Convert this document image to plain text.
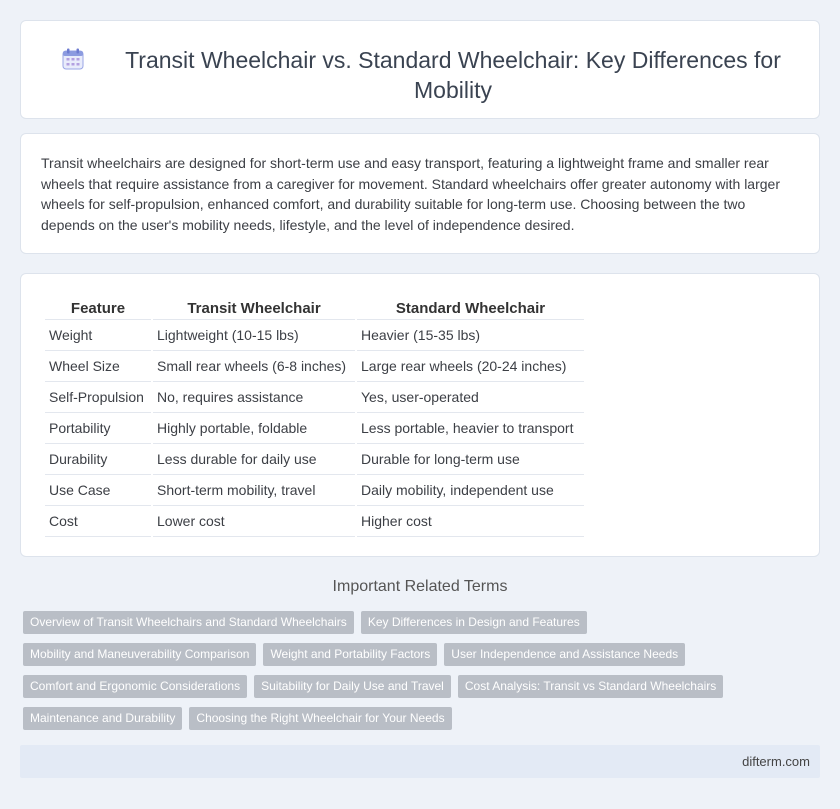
Transit Wheelchair vs. Standard Wheelchair: Key Differences for Mobility

Transit wheelchairs are designed for short-term use and easy transport, featuring a lightweight frame and smaller rear wheels that require assistance from a caregiver for movement. Standard wheelchairs offer greater autonomy with larger wheels for self-propulsion, enhanced comfort, and durability suitable for long-term use. Choosing between the two depends on the user's mobility needs, lifestyle, and the level of independence desired.

Feature	Transit Wheelchair	Standard Wheelchair
Weight	Lightweight (10-15 lbs)	Heavier (15-35 lbs)
Wheel Size	Small rear wheels (6-8 inches)	Large rear wheels (20-24 inches)
Self-Propulsion	No, requires assistance	Yes, user-operated
Portability	Highly portable, foldable	Less portable, heavier to transport
Durability	Less durable for daily use	Durable for long-term use
Use Case	Short-term mobility, travel	Daily mobility, independent use
Cost	Lower cost	Higher cost
Important Related Terms
Overview of Transit Wheelchairs and Standard Wheelchairs	Key Differences in Design and Features
Mobility and Maneuverability Comparison	Weight and Portability Factors	User Independence and Assistance Needs
Comfort and Ergonomic Considerations	Suitability for Daily Use and Travel	Cost Analysis: Transit vs Standard Wheelchairs
Maintenance and Durability	Choosing the Right Wheelchair for Your Needs
difterm.com
